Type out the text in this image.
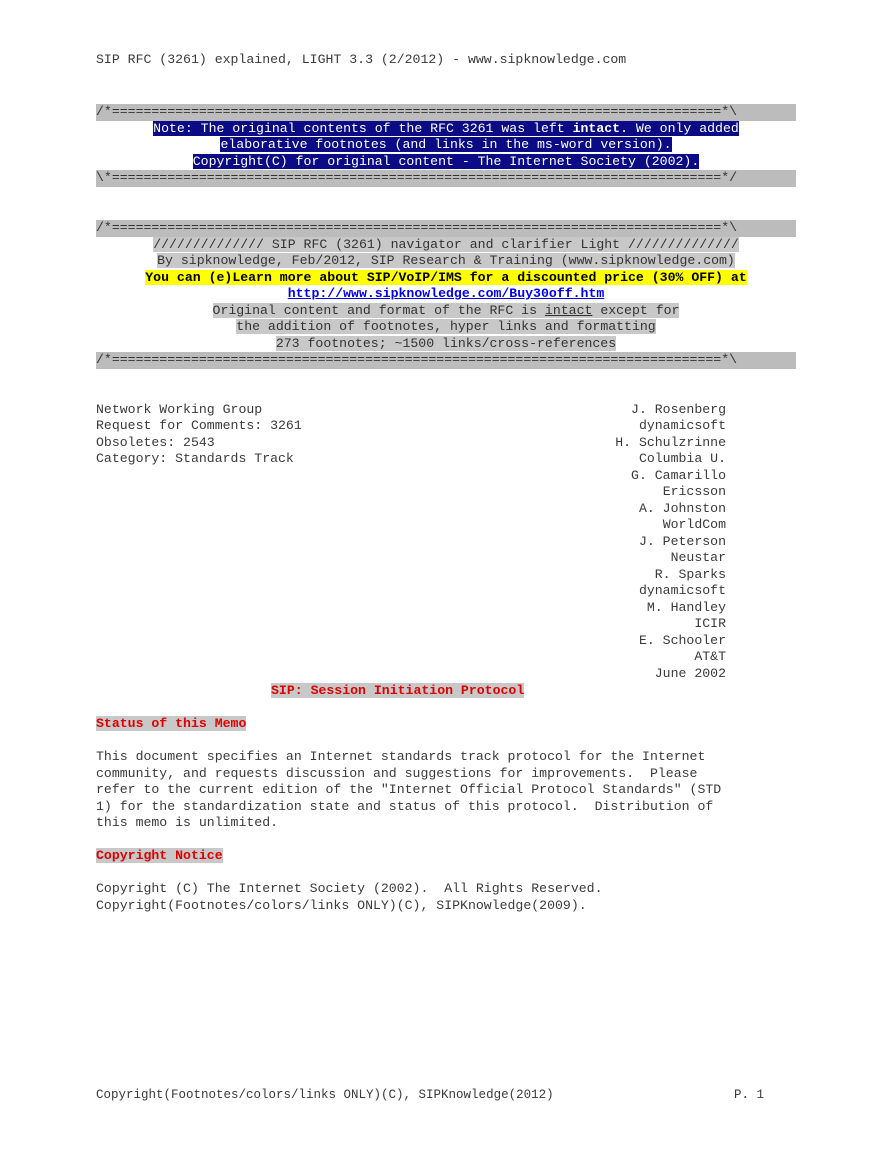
SIP RFC (3261) explained, LIGHT 3.3 (2/2012) - www.sipknowledge.com
/*=============================================================================*\
Note: The original contents of the RFC 3261 was left intact. We only added
elaborative footnotes (and links in the ms-word version).
Copyright(C) for original content - The Internet Society (2002).
\*=============================================================================*/
/*=============================================================================*\
////////////// SIP RFC (3261) navigator and clarifier Light //////////////
By sipknowledge, Feb/2012, SIP Research & Training (www.sipknowledge.com)
You can (e)Learn more about SIP/VoIP/IMS for a discounted price (30% OFF) at
http://www.sipknowledge.com/Buy30off.htm
Original content and format of the RFC is intact except for
the addition of footnotes, hyper links and formatting
273 footnotes; ~1500 links/cross-references
/*=============================================================================*\
Network Working Group
Request for Comments: 3261
Obsoletes: 2543
Category: Standards Track
J. Rosenberg
dynamicsoft
H. Schulzrinne
Columbia U.
G. Camarillo
Ericsson
A. Johnston
WorldCom
J. Peterson
Neustar
R. Sparks
dynamicsoft
M. Handley
ICIR
E. Schooler
AT&T
June 2002
SIP: Session Initiation Protocol
Status of this Memo
This document specifies an Internet standards track protocol for the Internet
community, and requests discussion and suggestions for improvements.  Please
refer to the current edition of the "Internet Official Protocol Standards" (STD
1) for the standardization state and status of this protocol.  Distribution of
this memo is unlimited.
Copyright Notice
Copyright (C) The Internet Society (2002).  All Rights Reserved.
Copyright(Footnotes/colors/links ONLY)(C), SIPKnowledge(2009).
Copyright(Footnotes/colors/links ONLY)(C), SIPKnowledge(2012)	P. 1
